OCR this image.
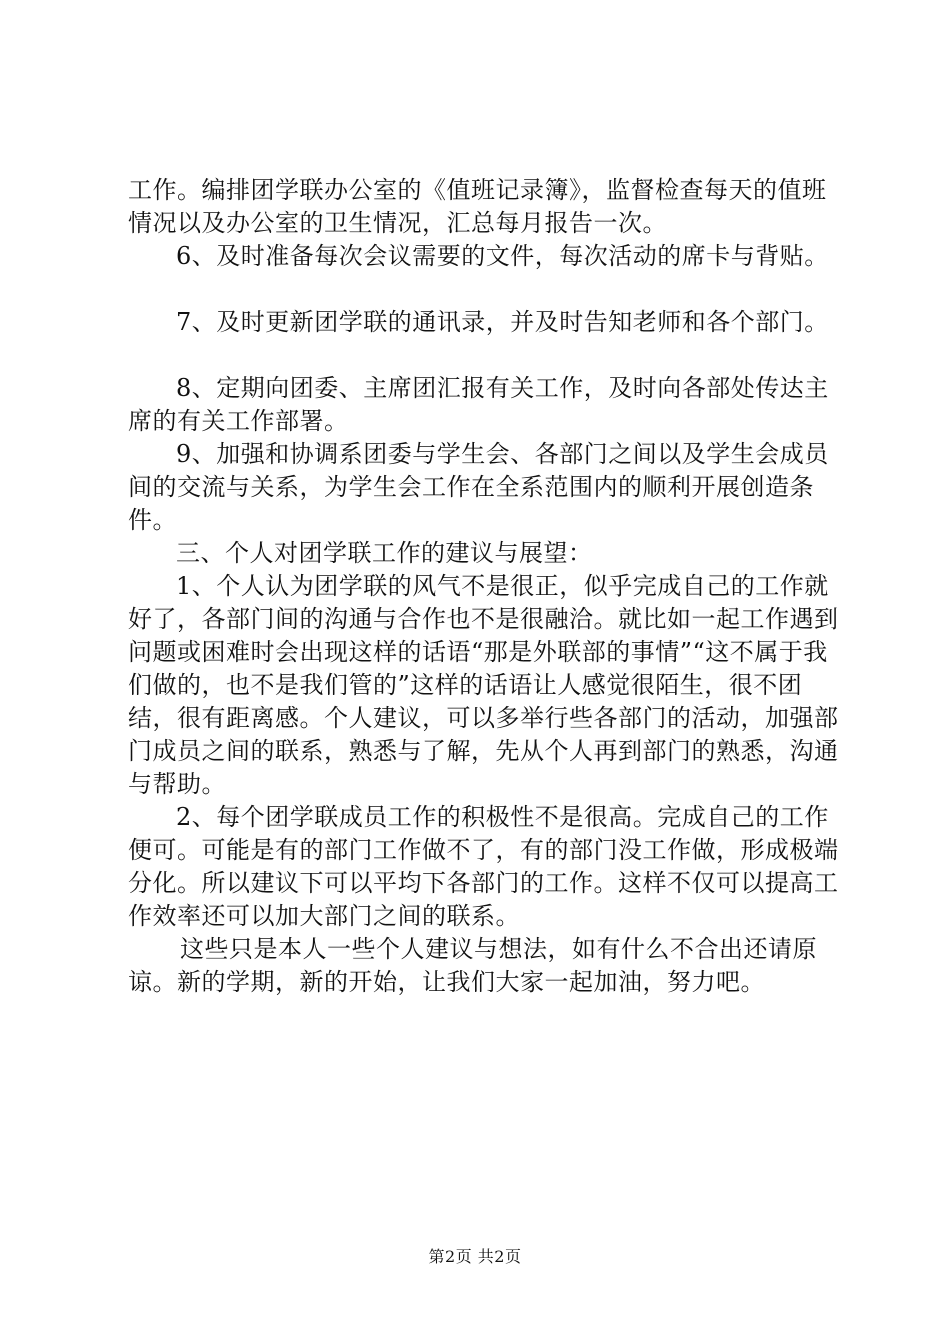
工作。编排团学联办公室的《值班记录簿》，监督检查每天的值班情况以及办公室的卫生情况，汇总每月报告一次。

6、及时准备每次会议需要的文件，每次活动的席卡与背贴。

7、及时更新团学联的通讯录，并及时告知老师和各个部门。

8、定期向团委、主席团汇报有关工作，及时向各部处传达主席的有关工作部署。

9、加强和协调系团委与学生会、各部门之间以及学生会成员间的交流与关系，为学生会工作在全系范围内的顺利开展创造条件。

三、个人对团学联工作的建议与展望：

1、个人认为团学联的风气不是很正，似乎完成自己的工作就好了，各部门间的沟通与合作也不是很融洽。就比如一起工作遇到问题或困难时会出现这样的话语“那是外联部的事情”“这不属于我们做的，也不是我们管的”这样的话语让人感觉很陌生，很不团结，很有距离感。个人建议，可以多举行些各部门的活动，加强部门成员之间的联系，熟悉与了解，先从个人再到部门的熟悉，沟通与帮助。

2、每个团学联成员工作的积极性不是很高。完成自己的工作便可。可能是有的部门工作做不了，有的部门没工作做，形成极端分化。所以建议下可以平均下各部门的工作。这样不仅可以提高工作效率还可以加大部门之间的联系。

这些只是本人一些个人建议与想法，如有什么不合出还请原谅。新的学期，新的开始，让我们大家一起加油，努力吧。

第2页 共2页
